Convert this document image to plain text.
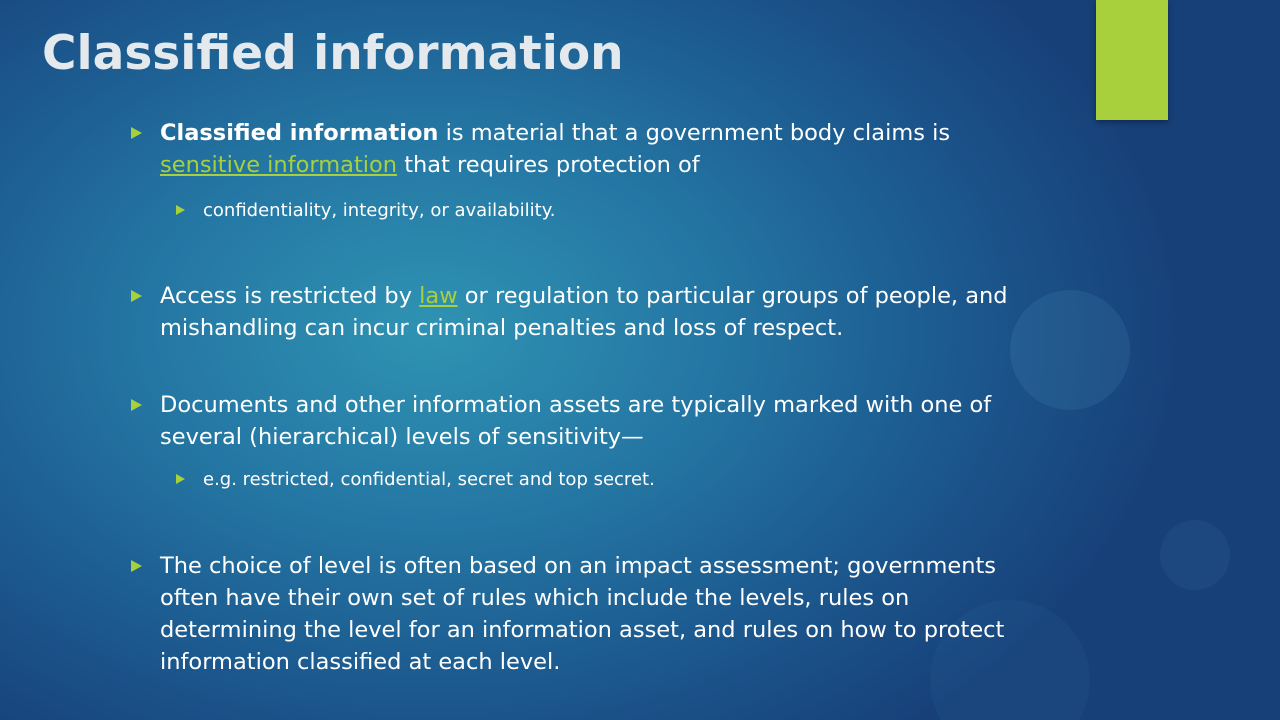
Classified information

Classified information is material that a government body claims is sensitive information that requires protection of

confidentiality, integrity, or availability.

Access is restricted by law or regulation to particular groups of people, and mishandling can incur criminal penalties and loss of respect.

Documents and other information assets are typically marked with one of several (hierarchical) levels of sensitivity—

e.g. restricted, confidential, secret and top secret.

The choice of level is often based on an impact assessment; governments often have their own set of rules which include the levels, rules on determining the level for an information asset, and rules on how to protect information classified at each level.
